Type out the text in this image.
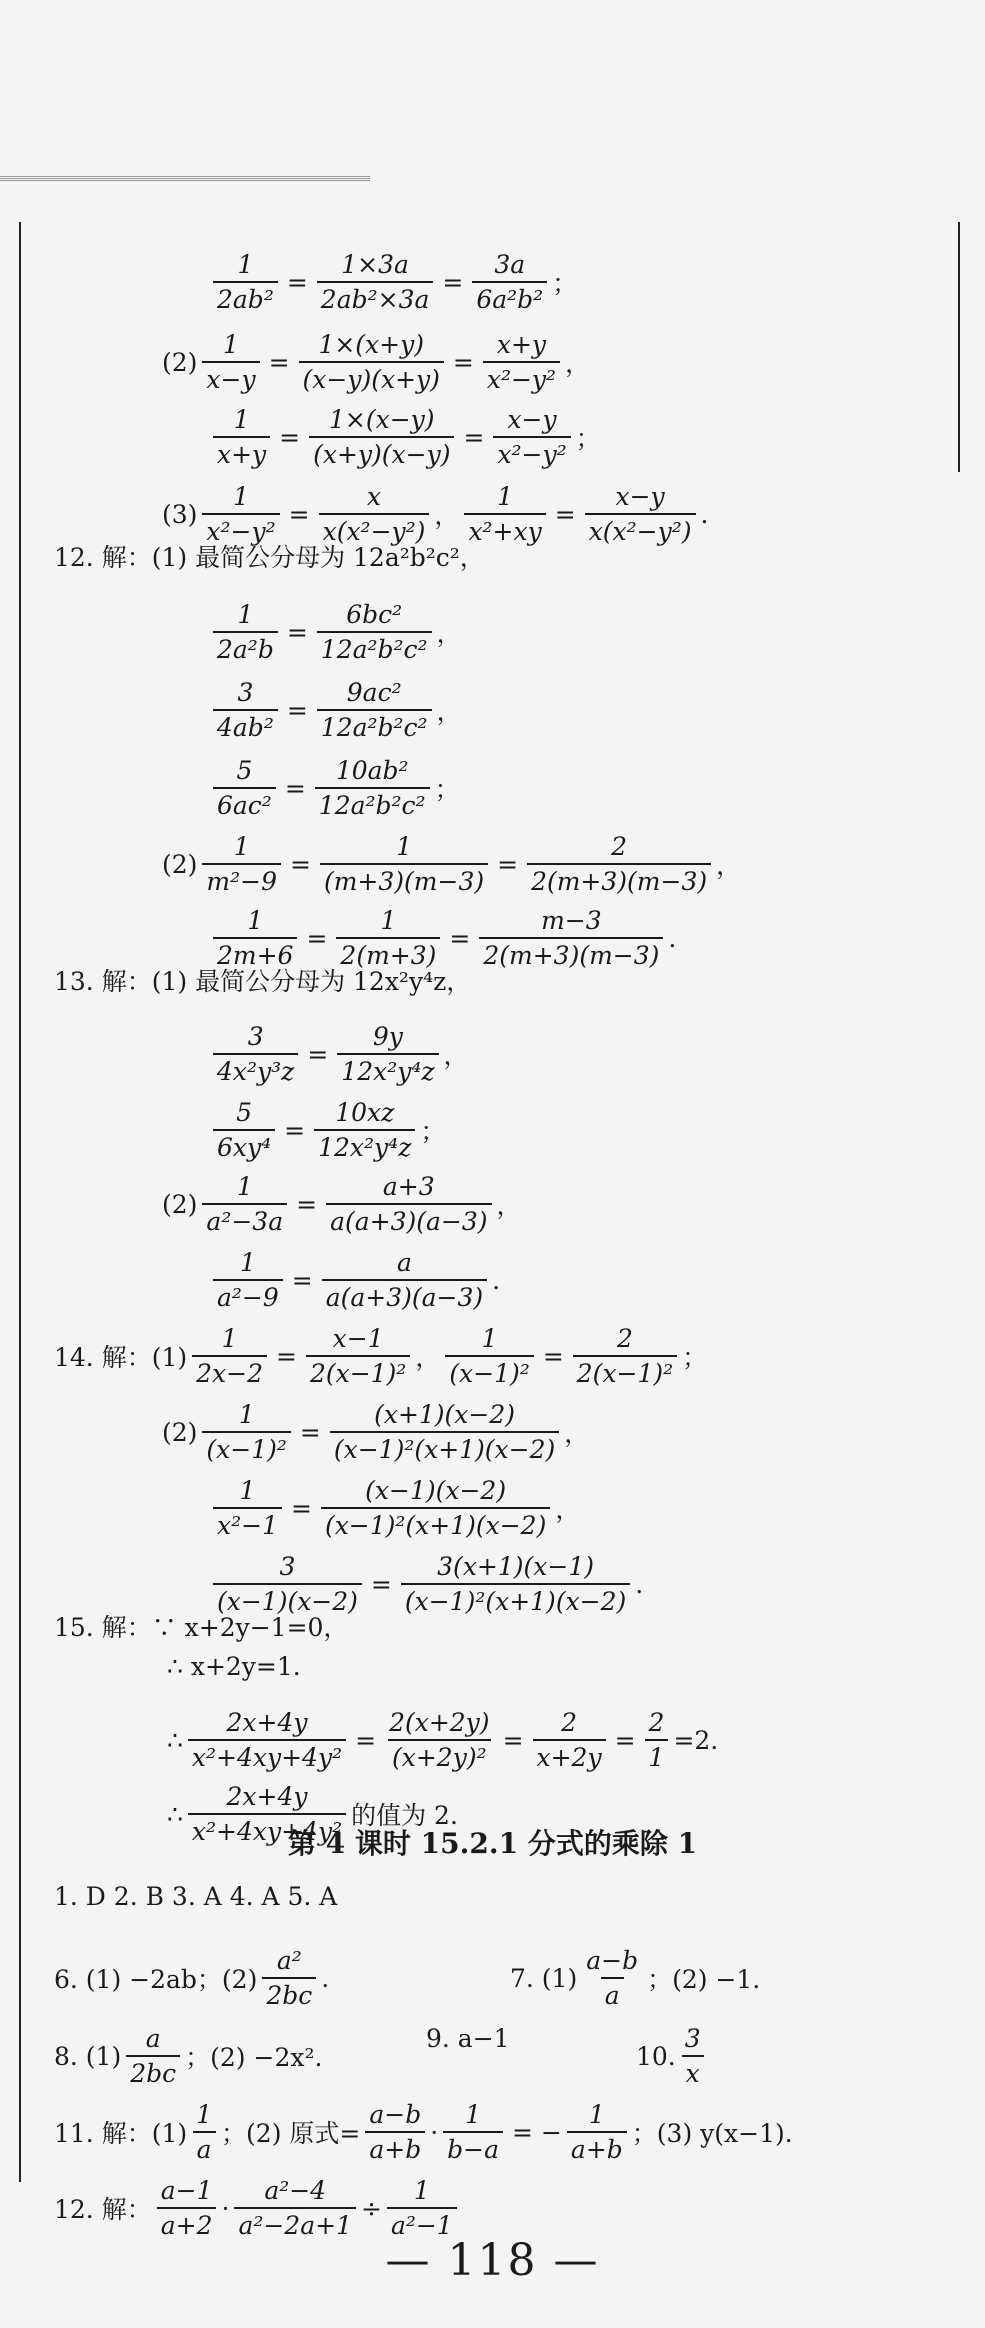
$\frac{1}{\text{2ab²}} = \frac{1\times 3a}{\text{2ab²×3a}} = \frac{3a}{\text{6a²b²}}$ ；
$(2) \frac{1}{x-y} = \frac{1\times(x+y)}{(x-y)(x+y)} = \frac{x+y}{\text{x²−y²}}$ ，
$\frac{1}{x+y} = \frac{1\times(x-y)}{(x+y)(x-y)} = \frac{x-y}{\text{x²−y²}}$ ；
$(3) \frac{1}{\text{x²−y²}} = \frac{x}{\text{x(x²−y²)}}$ ， $\frac{1}{\text{x²+xy}} = \frac{x-y}{\text{x(x²−y²)}}$ .
12. 解：(1) 最简公分母为 12a²b²c²，
$\frac{1}{\text{2a²b}} = \frac{\text{6bc²}}{\text{12a²b²c²}}$ ，
$\frac{3}{\text{4ab²}} = \frac{\text{9ac²}}{\text{12a²b²c²}}$ ，
$\frac{5}{\text{6ac²}} = \frac{\text{10ab²}}{\text{12a²b²c²}}$ ；
$(2) \frac{1}{\text{m²−9}} = \frac{1}{(m+3)(m-3)} = \frac{2}{2(m+3)(m-3)}$ ，
$\frac{1}{2m+6} = \frac{1}{2(m+3)} = \frac{m-3}{2(m+3)(m-3)}$ .
13. 解：(1) 最简公分母为 12x²y⁴z，
$\frac{3}{\text{4x²y³z}} = \frac{9y}{\text{12x²y⁴z}}$ ，
$\frac{5}{\text{6xy⁴}} = \frac{10xz}{\text{12x²y⁴z}}$ ；
$(2) \frac{1}{\text{a²−3a}} = \frac{a+3}{a(a+3)(a-3)}$ ，
$\frac{1}{\text{a²−9}} = \frac{a}{a(a+3)(a-3)}$ .
14. 解：$(1) \frac{1}{2x-2} = \frac{x-1}{\text{2(x−1)²}}$ ， $\frac{1}{\text{(x−1)²}} = \frac{2}{\text{2(x−1)²}}$ ；
$(2) \frac{1}{\text{(x−1)²}} = \frac{(x+1)(x-2)}{\text{(x−1)²(x+1)(x−2)}}$ ，
$\frac{1}{\text{x²−1}} = \frac{(x-1)(x-2)}{\text{(x−1)²(x+1)(x−2)}}$ ，
$\frac{3}{(x-1)(x-2)} = \frac{3(x+1)(x-1)}{\text{(x−1)²(x+1)(x−2)}}$ .
15. 解：∵ x+2y−1=0，
∴ x+2y=1.
∴ $\frac{2x+4y}{\text{x²+4xy+4y²}} = \frac{2(x+2y)}{\text{(x+2y)²}} = \frac{2}{x+2y} = \frac{2}{1} =2$.
∴ $\frac{2x+4y}{\text{x²+4xy+4y²}}$ 的值为 2.
1. D 2. B 3. A 4. A 5. A
6. (1) −2ab；$(2) \frac{\text{a²}}{2bc}$ .	7. $(1) \frac{a-b}{a}$ ；(2) −1.
8. $(1) \frac{a}{2bc}$ ；(2) −2x².
9. a−1
10. $\frac{3}{x}$
11. 解：$(1) \frac{1}{a}$ ；(2) 原式= $\frac{a-b}{a+b} \cdot \frac{1}{b-a}$ = − $\frac{1}{a+b}$ ；(3) y(x−1).
12. 解： $\frac{a-1}{a+2} \cdot \frac{\text{a²−4}}{\text{a²−2a+1}} \div \frac{1}{\text{a²−1}}$
第 4 课时 15.2.1 分式的乘除 1
— 118 —
